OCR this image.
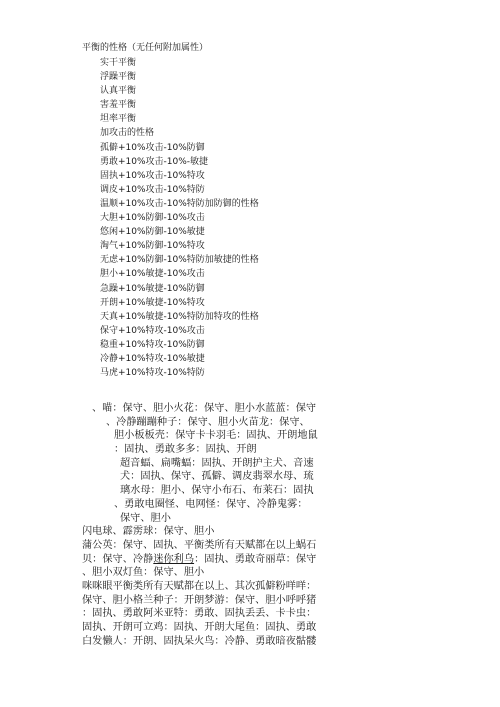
平衡的性格（无任何附加属性）
实干平衡
浮躁平衡
认真平衡
害羞平衡
坦率平衡
加攻击的性格
孤僻+10%攻击-10%防御
勇敢+10%攻击-10%-敏捷
固执+10%攻击-10%特攻
调皮+10%攻击-10%特防
温顺+10%攻击-10%特防加防御的性格
大胆+10%防御-10%攻击
悠闲+10%防御-10%敏捷
淘气+10%防御-10%特攻
无虑+10%防御-10%特防加敏捷的性格
胆小+10%敏捷-10%攻击
急躁+10%敏捷-10%防御
开朗+10%敏捷-10%特攻
天真+10%敏捷-10%特防加特攻的性格
保守+10%特攻-10%攻击
稳重+10%特攻-10%防御
冷静+10%特攻-10%敏捷
马虎+10%特攻-10%特防
、喵：保守、胆小火花：保守、胆小水蓝蓝：保守
、冷静蹦蹦种子：保守、胆小火苗龙：保守、
胆小板板壳：保守卡卡羽毛：固执、开朗地鼠
：固执、勇敢多多：固执、开朗
超音蝠、扁嘴蝠：固执、开朗护主犬、音速
犬：固执、保守、孤僻、调皮翡翠水母、琉
璃水母：胆小、保守小布石、布莱石：固执
、勇敢电圈怪、电网怪：保守、冷静鬼雾：
保守、胆小
闪电球、霹雳球：保守、胆小
蒲公英：保守、固执、平衡类所有天赋都在以上蜗石
贝：保守、冷静迷你利乌：固执、勇敢奇丽草：保守
、胆小双灯鱼：保守、胆小
咪咪眼平衡类所有天赋都在以上、其次孤僻粉咩咩：
保守、胆小格兰种子：开朗梦游：保守、胆小呼呼猪
：固执、勇敢阿米亚特：勇敢、固执丢丢、卡卡虫：
固执、开朗可立鸡：固执、开朗大尾鱼：固执、勇敢
白发懒人：开朗、固执呆火鸟：冷静、勇敢暗夜骷髅
